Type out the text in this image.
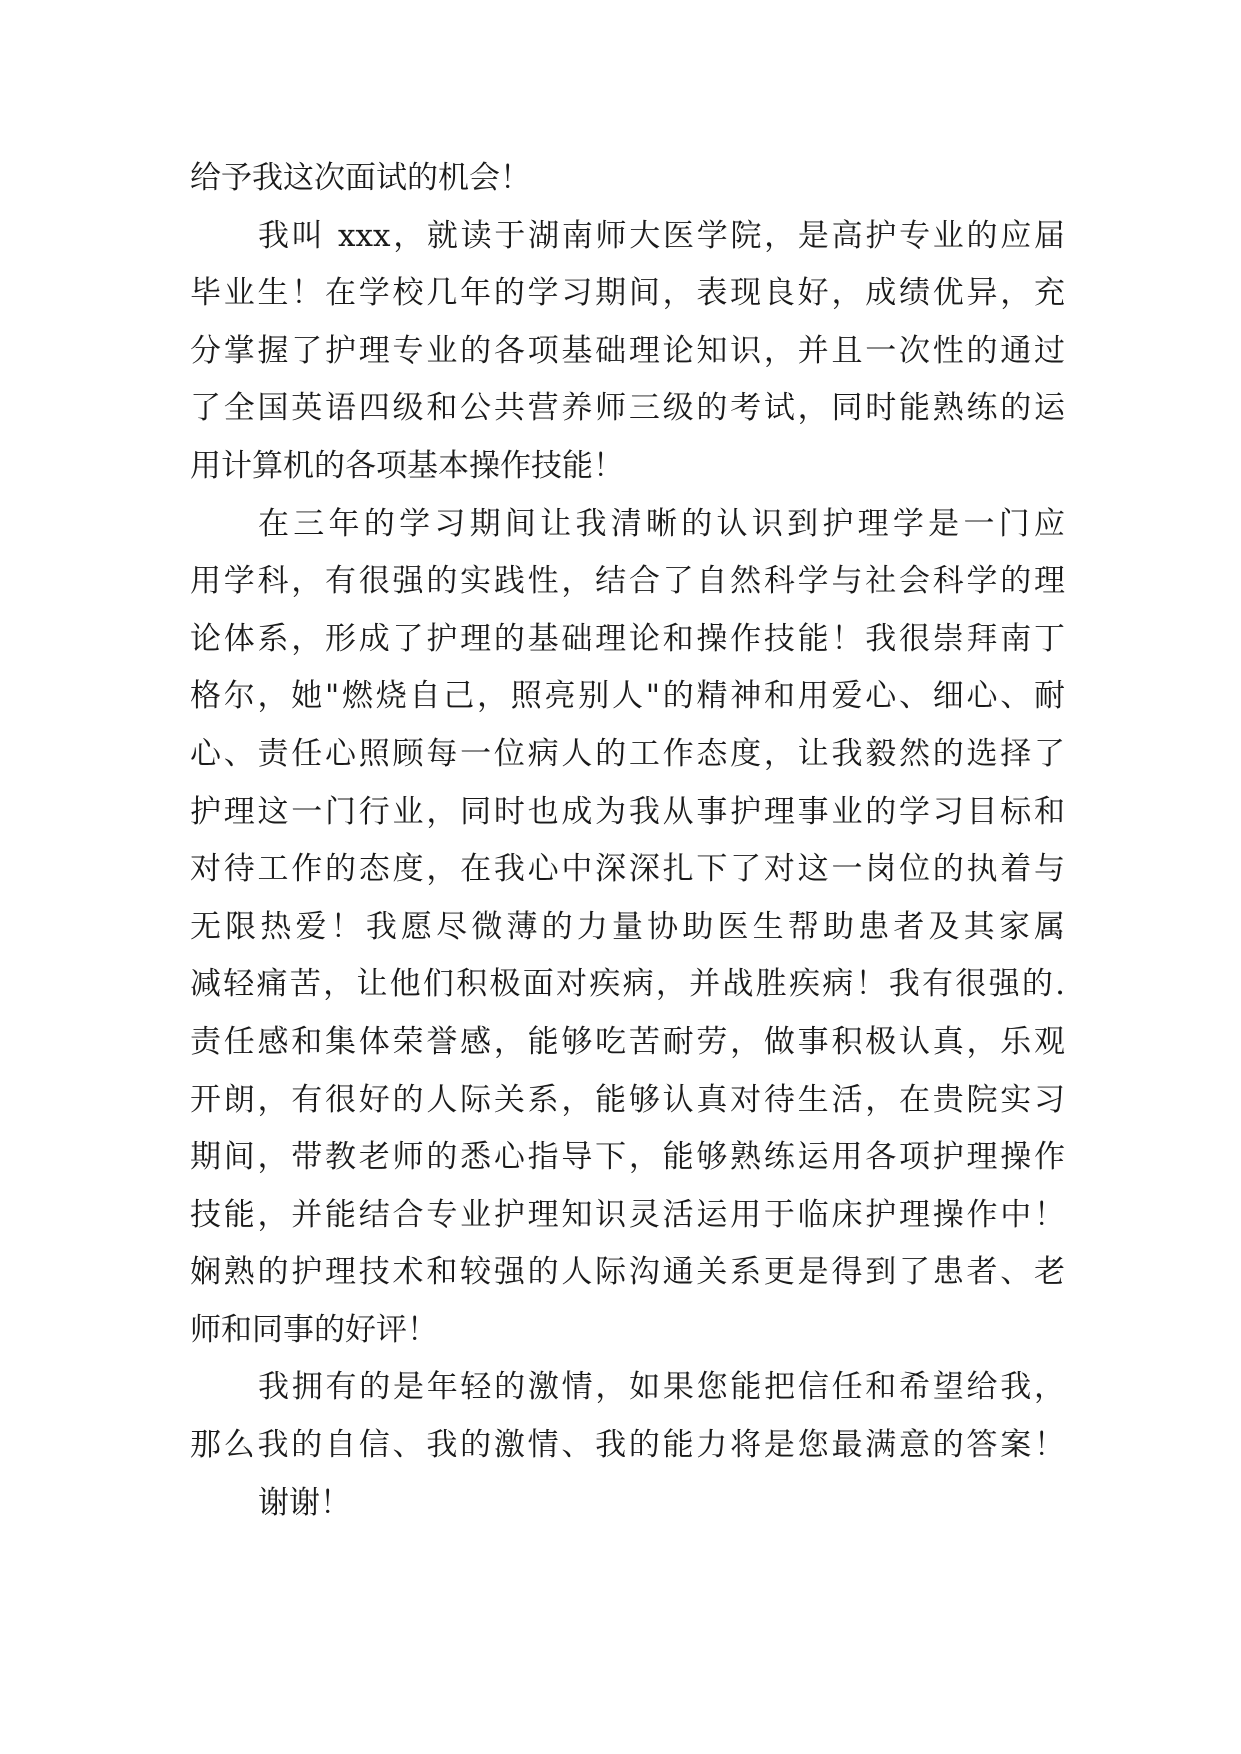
给予我这次面试的机会！
我叫 xxx，就读于湖南师大医学院，是高护专业的应届
毕业生！在学校几年的学习期间，表现良好，成绩优异，充
分掌握了护理专业的各项基础理论知识，并且一次性的通过
了全国英语四级和公共营养师三级的考试，同时能熟练的运
用计算机的各项基本操作技能！
在三年的学习期间让我清晰的认识到护理学是一门应
用学科，有很强的实践性，结合了自然科学与社会科学的理
论体系，形成了护理的基础理论和操作技能！我很崇拜南丁
格尔，她"燃烧自己，照亮别人"的精神和用爱心、细心、耐
心、责任心照顾每一位病人的工作态度，让我毅然的选择了
护理这一门行业，同时也成为我从事护理事业的学习目标和
对待工作的态度，在我心中深深扎下了对这一岗位的执着与
无限热爱！我愿尽微薄的力量协助医生帮助患者及其家属
减轻痛苦，让他们积极面对疾病，并战胜疾病！我有很强的.
责任感和集体荣誉感，能够吃苦耐劳，做事积极认真，乐观
开朗，有很好的人际关系，能够认真对待生活，在贵院实习
期间，带教老师的悉心指导下，能够熟练运用各项护理操作
技能，并能结合专业护理知识灵活运用于临床护理操作中！
娴熟的护理技术和较强的人际沟通关系更是得到了患者、老
师和同事的好评！
我拥有的是年轻的激情，如果您能把信任和希望给我，
那么我的自信、我的激情、我的能力将是您最满意的答案！
谢谢！
